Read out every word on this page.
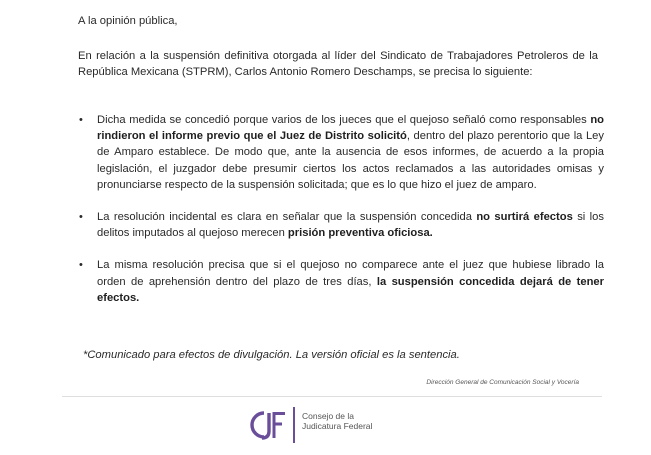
A la opinión pública,
En relación a la suspensión definitiva otorgada al líder del Sindicato de Trabajadores Petroleros de la República Mexicana (STPRM), Carlos Antonio Romero Deschamps, se precisa lo siguiente:
• Dicha medida se concedió porque varios de los jueces que el quejoso señaló como responsables no rindieron el informe previo que el Juez de Distrito solicitó, dentro del plazo perentorio que la Ley de Amparo establece. De modo que, ante la ausencia de esos informes, de acuerdo a la propia legislación, el juzgador debe presumir ciertos los actos reclamados a las autoridades omisas y pronunciarse respecto de la suspensión solicitada; que es lo que hizo el juez de amparo.
• La resolución incidental es clara en señalar que la suspensión concedida no surtirá efectos si los delitos imputados al quejoso merecen prisión preventiva oficiosa.
• La misma resolución precisa que si el quejoso no comparece ante el juez que hubiese librado la orden de aprehensión dentro del plazo de tres días, la suspensión concedida dejará de tener efectos.
*Comunicado para efectos de divulgación. La versión oficial es la sentencia.
Dirección General de Comunicación Social y Vocería
Consejo de la
Judicatura Federal
